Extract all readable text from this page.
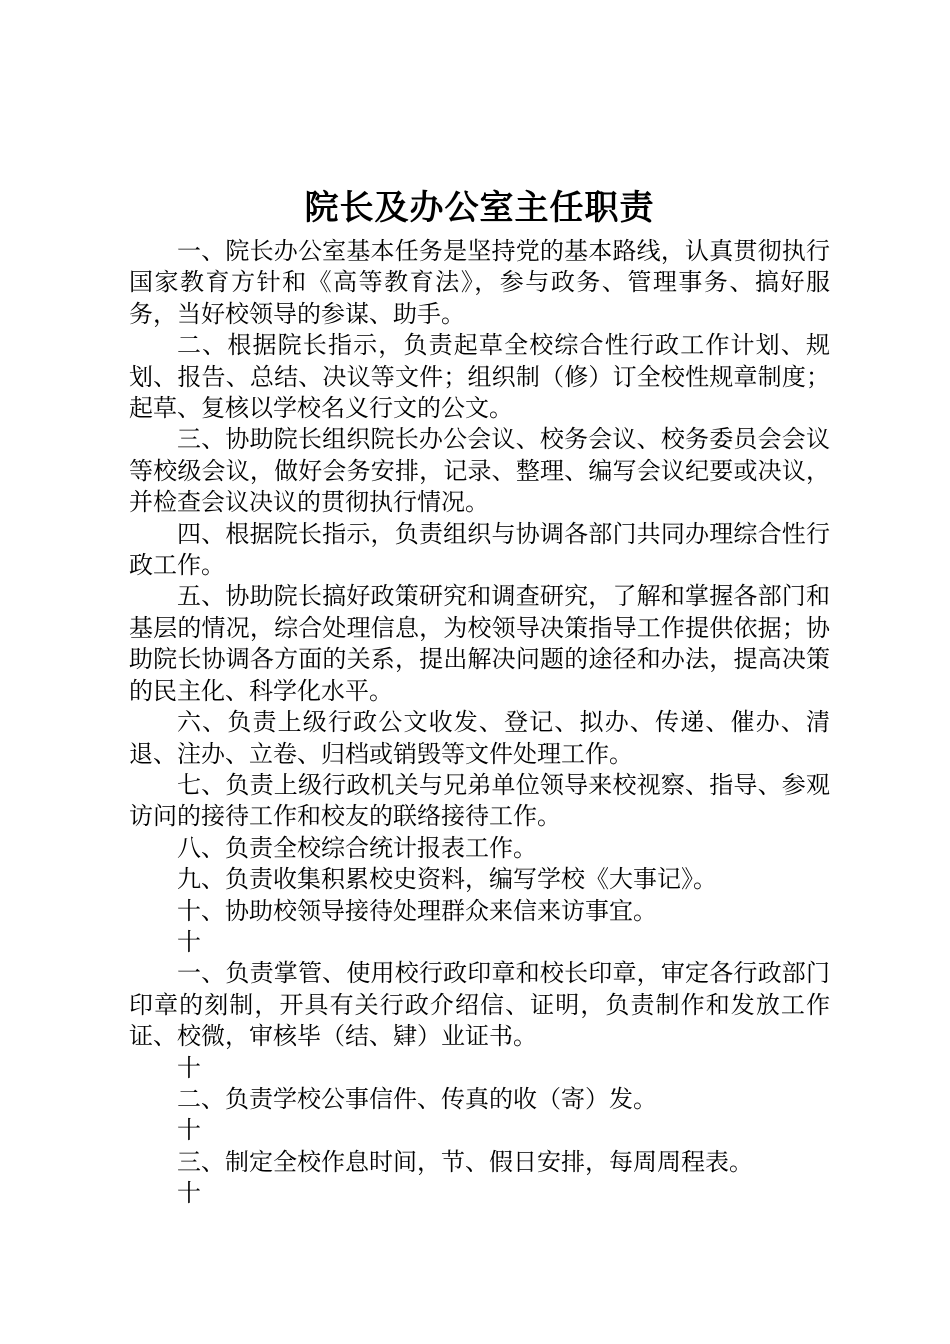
院长及办公室主任职责

一、院长办公室基本任务是坚持党的基本路线，认真贯彻执行国家教育方针和《高等教育法》，参与政务、管理事务、搞好服务，当好校领导的参谋、助手。

二、根据院长指示，负责起草全校综合性行政工作计划、规划、报告、总结、决议等文件；组织制（修）订全校性规章制度；起草、复核以学校名义行文的公文。

三、协助院长组织院长办公会议、校务会议、校务委员会会议等校级会议，做好会务安排，记录、整理、编写会议纪要或决议，并检查会议决议的贯彻执行情况。

四、根据院长指示，负责组织与协调各部门共同办理综合性行政工作。

五、协助院长搞好政策研究和调查研究，了解和掌握各部门和基层的情况，综合处理信息，为校领导决策指导工作提供依据；协助院长协调各方面的关系，提出解决问题的途径和办法，提高决策的民主化、科学化水平。

六、负责上级行政公文收发、登记、拟办、传递、催办、清退、注办、立卷、归档或销毁等文件处理工作。

七、负责上级行政机关与兄弟单位领导来校视察、指导、参观访问的接待工作和校友的联络接待工作。

八、负责全校综合统计报表工作。

九、负责收集积累校史资料，编写学校《大事记》。

十、协助校领导接待处理群众来信来访事宜。

十

一、负责掌管、使用校行政印章和校长印章，审定各行政部门印章的刻制，开具有关行政介绍信、证明，负责制作和发放工作证、校微，审核毕（结、肄）业证书。

十

二、负责学校公事信件、传真的收（寄）发。

十

三、制定全校作息时间，节、假日安排，每周周程表。

十
